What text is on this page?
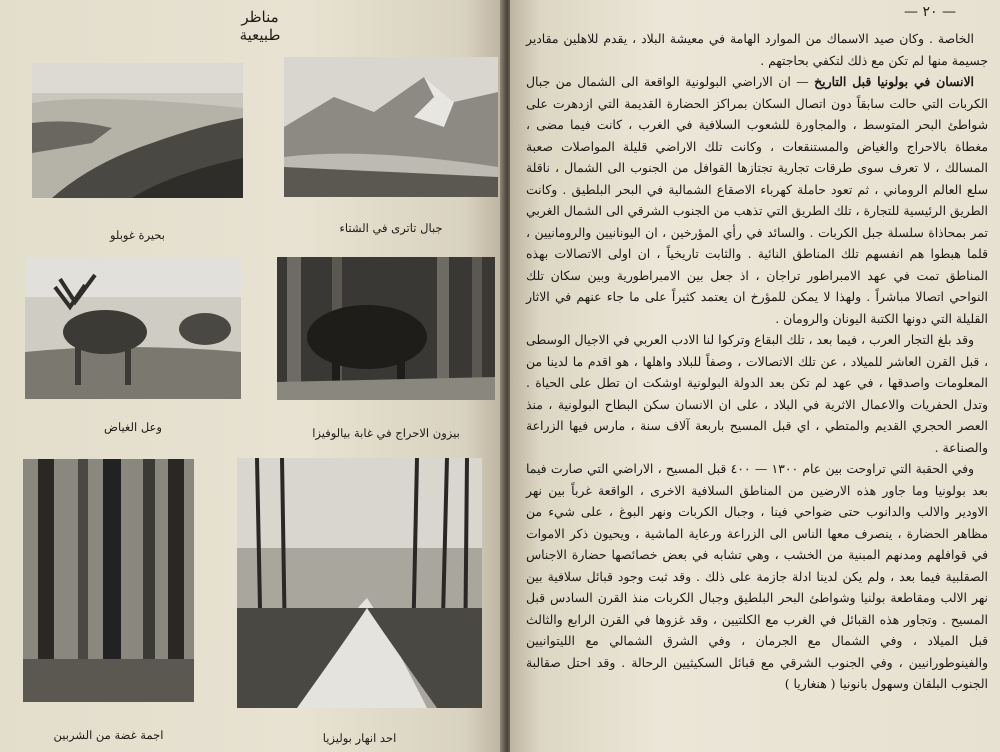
مناظر طبيعية
بحيرة غوبلو	جبال تاترى في الشتاء
وعل الغياض	بيزون الاحراج في غابة بيالوفيزا
اجمة غضة من الشربين	احد انهار بوليزيا
— ٢٠ —

الخاصة . وكان صيد الاسماك من الموارد الهامة في معيشة البلاد ، يقدم للاهلين مقادير جسيمة منها لم تكن مع ذلك لتكفي بحاجتهم .

الانسان في بولونيا قبل التاريخ — ان الاراضي البولونية الواقعة الى الشمال من جبال الكربات التي حالت سابقاً دون اتصال السكان بمراكز الحضارة القديمة التي ازدهرت على شواطئ البحر المتوسط ، والمجاورة للشعوب السلافية في الغرب ، كانت فيما مضى ، مغطاة بالاحراج والغياض والمستنقعات ، وكانت تلك الاراضي قليلة المواصلات صعبة المسالك ، لا تعرف سوى طرقات تجارية تجتازها القوافل من الجنوب الى الشمال ، ناقلة سلع العالم الروماني ، ثم تعود حاملة كهرباء الاصقاع الشمالية في البحر البلطيق . وكانت الطريق الرئيسية للتجارة ، تلك الطريق التي تذهب من الجنوب الشرقي الى الشمال الغربي تمر بمحاذاة سلسلة جبل الكربات . والسائد في رأي المؤرخين ، ان اليونانيين والرومانيين ، قلما هبطوا هم انفسهم تلك المناطق النائية . والثابت تاريخياً ، ان اولى الاتصالات بهذه المناطق تمت في عهد الامبراطور تراجان ، اذ جعل بين الامبراطورية وبين سكان تلك النواحي اتصالا مباشراً . ولهذا لا يمكن للمؤرخ ان يعتمد كثيراً على ما جاء عنهم في الاثار القليلة التي دونها الكتبة اليونان والرومان .

وقد بلغ التجار العرب ، فيما بعد ، تلك البقاع وتركوا لنا الادب العربي في الاجيال الوسطى ، قبل القرن العاشر للميلاد ، عن تلك الاتصالات ، وصفاً للبلاد واهلها ، هو اقدم ما لدينا من المعلومات واصدقها ، في عهد لم تكن بعد الدولة البولونية اوشكت ان تطل على الحياة . وتدل الحفريات والاعمال الاثرية في البلاد ، على ان الانسان سكن البطاح البولونية ، منذ العصر الحجري القديم والمتطي ، اي قبل المسيح باربعة آلاف سنة ، مارس فيها الزراعة والصناعة .

وفي الحقبة التي تراوحت بين عام ١٣٠٠ — ٤٠٠ قبل المسيح ، الاراضي التي صارت فيما بعد بولونيا وما جاور هذه الارضين من المناطق السلافية الاخرى ، الواقعة غرباً بين نهر الاودير والالب والدانوب حتى ضواحي فينا ، وجبال الكربات ونهر البوغ ، على شيء من مظاهر الحضارة ، ينصرف معها الناس الى الزراعة ورعاية الماشية ، ويحيون ذكر الاموات في قوافلهم ومدنهم المبنية من الخشب ، وهي تشابه في بعض خصائصها حضارة الاجناس الصقلبية فيما بعد ، ولم يكن لدينا ادلة جازمة على ذلك . وقد ثبت وجود قبائل سلافية بين نهر الالب ومقاطعة بولنيا وشواطئ البحر البلطيق وجبال الكربات منذ القرن السادس قبل المسيح . وتجاور هذه القبائل في الغرب مع الكلتيين ، وقد غزوها في القرن الرابع والثالث قبل الميلاد ، وفي الشمال مع الجرمان ، وفي الشرق الشمالي مع الليتوانيين والفينوطورانيين ، وفي الجنوب الشرقي مع قبائل السكيثيين الرحالة . وقد احتل صقالبة الجنوب البلقان وسهول بانونيا ( هنغاريا )
